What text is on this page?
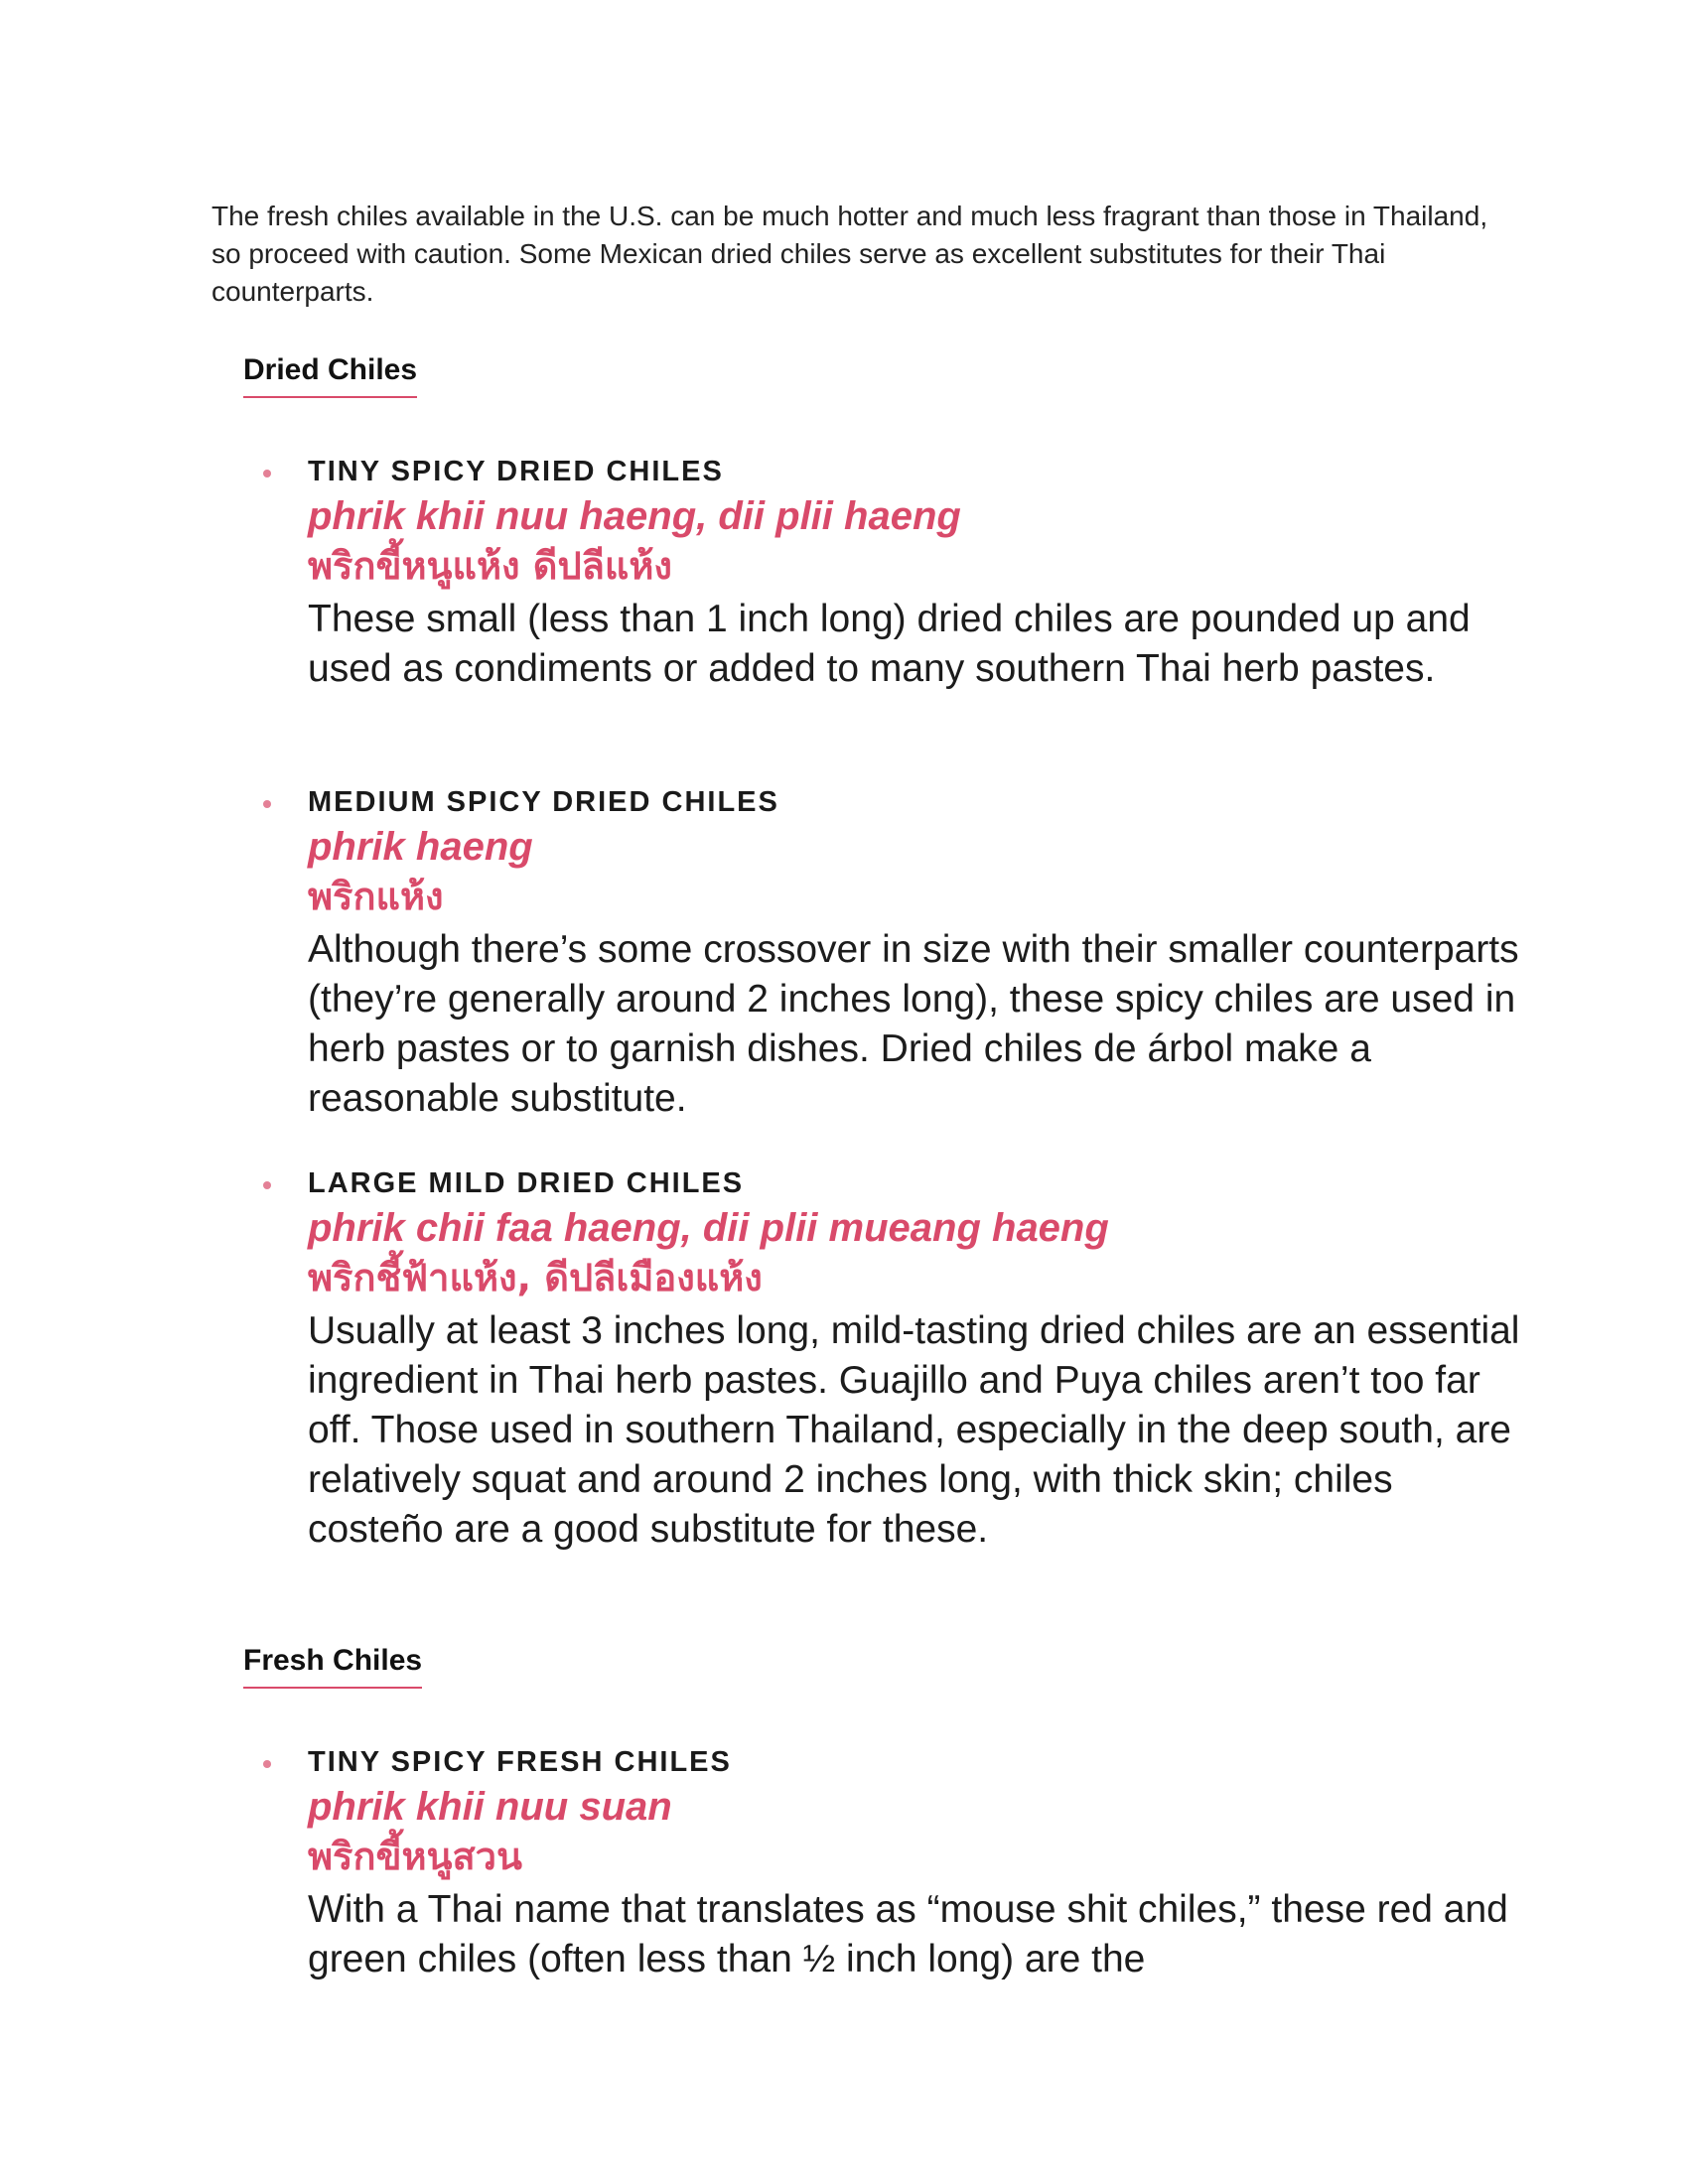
The fresh chiles available in the U.S. can be much hotter and much less fragrant than those in Thailand, so proceed with caution. Some Mexican dried chiles serve as excellent substitutes for their Thai counterparts.

Dried Chiles
TINY SPICY DRIED CHILES
phrik khii nuu haeng, dii plii haeng
พริกขี้หนูแห้ง ดีปลีแห้ง
These small (less than 1 inch long) dried chiles are pounded up and used as condiments or added to many southern Thai herb pastes.
MEDIUM SPICY DRIED CHILES
phrik haeng
พริกแห้ง
Although there’s some crossover in size with their smaller counterparts (they’re generally around 2 inches long), these spicy chiles are used in herb pastes or to garnish dishes. Dried chiles de árbol make a reasonable substitute.
LARGE MILD DRIED CHILES
phrik chii faa haeng, dii plii mueang haeng
พริกชี้ฟ้าแห้ง, ดีปลีเมืองแห้ง
Usually at least 3 inches long, mild-tasting dried chiles are an essential ingredient in Thai herb pastes. Guajillo and Puya chiles aren’t too far off. Those used in southern Thailand, especially in the deep south, are relatively squat and around 2 inches long, with thick skin; chiles costeño are a good substitute for these.
Fresh Chiles
TINY SPICY FRESH CHILES
phrik khii nuu suan
พริกขี้หนูสวน
With a Thai name that translates as “mouse shit chiles,” these red and green chiles (often less than ½ inch long) are the
